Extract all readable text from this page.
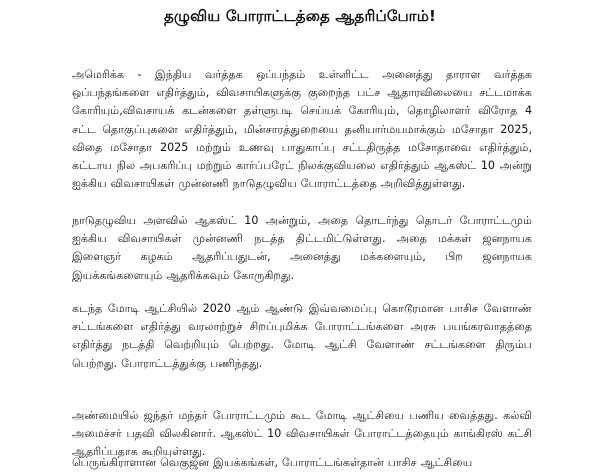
தழுவிய போராட்டத்தை ஆதரிப்போம்!
அமெரிக்க - இந்திய வர்த்தக ஒப்பந்தம் உள்ளிட்ட அனைத்து தாராள வர்த்தக ஒப்பந்தங்களை எதிர்த்தும், விவசாயிகளுக்கு குறைந்த பட்ச ஆதாரவிலையை சட்டமாக்க கோரியும்,விவசாயக் கடன்களை தள்ளுபடி செய்யக் கோரியும், தொழிலாளர் விரோத 4 சட்ட தொகுப்புகளை எதிர்த்தும், மின்சாரத்துறையை தனியார்மயமாக்கும் மசோதா 2025, விதை மசோதா 2025 மற்றும் உணவு பாதுகாப்பு சட்டதிருத்த மசோதாவை எதிர்த்தும், கட்டாய நில அபகரிப்பு மற்றும் கார்ப்பரேட் நிலக்குவியலை எதிர்த்தும் ஆகஸ்ட் 10 அன்று ஐக்கிய விவசாயிகள் முன்னணி நாடுதழுவிய போராட்டத்தை அறிவித்துள்ளது.
நாடுதழுவிய அளவில் ஆகஸ்ட் 10 அன்றும், அதை தொடர்ந்து தொடர் போராட்டமும் ஐக்கிய விவசாயிகள் முன்னணி நடத்த திட்டமிட்டுள்ளது. அதை மக்கள் ஜனநாயக இளைஞர் கழகம் ஆதரிப்பதுடன், அனைத்து மக்களையும், பிற ஜனநாயக இயக்கங்களையும் ஆதரிக்கவும் கோருகிறது.
கடந்த மோடி ஆட்சியில் 2020 ஆம் ஆண்டு இவ்வமைப்பு கொடூரமான பாசிச வேளாண் சட்டங்களை எதிர்த்து வரலாற்றுச் சிறப்புமிக்க போராட்டங்களை அரசு பயங்கரவாதத்தை எதிர்த்து நடத்தி வெற்றியும் பெற்றது. மோடி ஆட்சி வேளாண் சட்டங்களை திரும்ப பெற்றது. போராட்டத்துக்கு பணிந்தது.
அண்மையில் ஜந்தர் மந்தர் போராட்டமும் கூட மோடி ஆட்சியை பணிய வைத்தது. கல்வி அமைச்சர் பதவி விலகினார். ஆகஸ்ட் 10 விவசாயிகள் போராட்டத்தையும் காங்கிரஸ் கட்சி ஆதரிப்பதாக கூறியுள்ளது.
பெருங்கிராளான வெகுஜன இயக்கங்கள், போராட்டங்கள்தான் பாசிச ஆட்சியை
